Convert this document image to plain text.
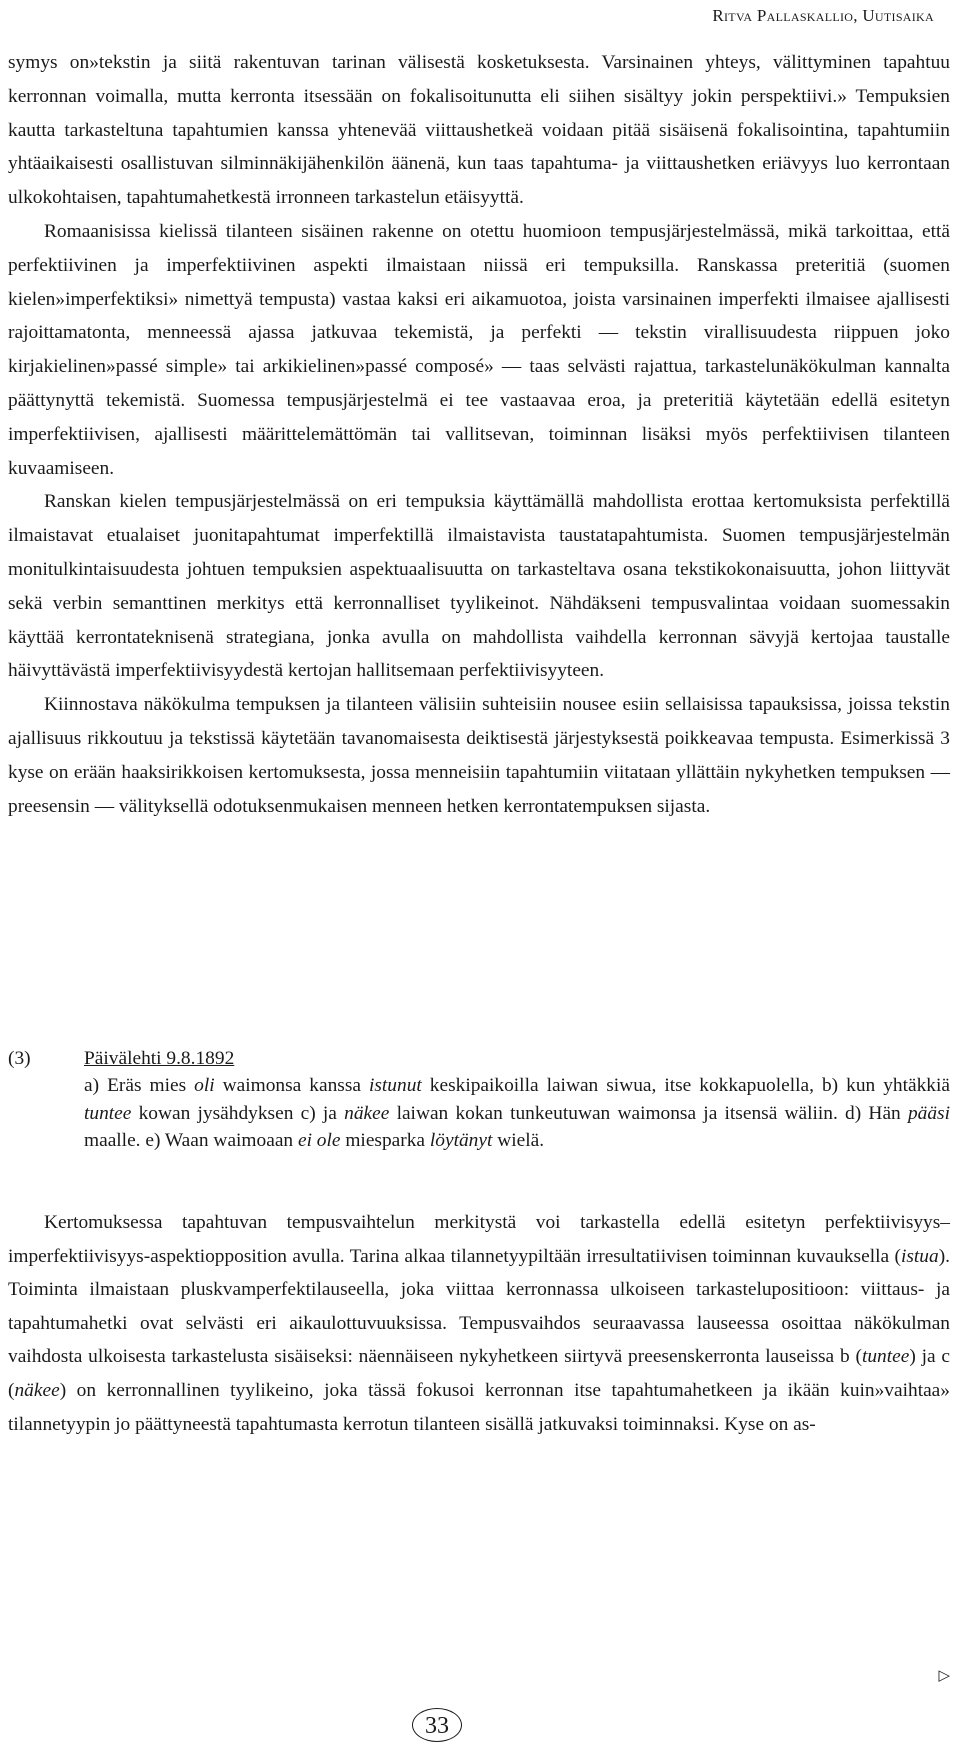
Ritva Pallaskallio, Uutisaika

symys on»tekstin ja siitä rakentuvan tarinan välisestä kosketuksesta. Varsinainen yhteys, välittyminen tapahtuu kerronnan voimalla, mutta kerronta itsessään on fokalisoitunutta eli siihen sisältyy jokin perspektiivi.» Tempuksien kautta tarkasteltuna tapahtumien kanssa yhtenevää viittaushetkeä voidaan pitää sisäisenä fokalisointina, tapahtumiin yhtäaikaisesti osallistuvan silminnäkijähenkilön äänenä, kun taas tapahtuma- ja viittaushetken eriävyys luo kerrontaan ulkokohtaisen, tapahtumahetkestä irronneen tarkastelun etäisyyttä.

Romaanisissa kielissä tilanteen sisäinen rakenne on otettu huomioon tempusjärjestelmässä, mikä tarkoittaa, että perfektiivinen ja imperfektiivinen aspekti ilmaistaan niissä eri tempuksilla. Ranskassa preteritiä (suomen kielen»imperfektiksi» nimettyä tempusta) vastaa kaksi eri aikamuotoa, joista varsinainen imperfekti ilmaisee ajallisesti rajoittamatonta, menneessä ajassa jatkuvaa tekemistä, ja perfekti — tekstin virallisuudesta riippuen joko kirjakielinen»passé simple» tai arkikielinen»passé composé» — taas selvästi rajattua, tarkastelunäkökulman kannalta päättynyttä tekemistä. Suomessa tempusjärjestelmä ei tee vastaavaa eroa, ja preteritiä käytetään edellä esitetyn imperfektiivisen, ajallisesti määrittelemättömän tai vallitsevan, toiminnan lisäksi myös perfektiivisen tilanteen kuvaamiseen.

Ranskan kielen tempusjärjestelmässä on eri tempuksia käyttämällä mahdollista erottaa kertomuksista perfektillä ilmaistavat etualaiset juonitapahtumat imperfektillä ilmaistavista taustatapahtumista. Suomen tempusjärjestelmän monitulkintaisuudesta johtuen tempuksien aspektuaalisuutta on tarkasteltava osana tekstikokonaisuutta, johon liittyvät sekä verbin semanttinen merkitys että kerronnalliset tyylikeinot. Nähdäkseni tempusvalintaa voidaan suomessakin käyttää kerrontateknisenä strategiana, jonka avulla on mahdollista vaihdella kerronnan sävyjä kertojaa taustalle häivyttävästä imperfektiivisyydestä kertojan hallitsemaan perfektiivisyyteen.

Kiinnostava näkökulma tempuksen ja tilanteen välisiin suhteisiin nousee esiin sellaisissa tapauksissa, joissa tekstin ajallisuus rikkoutuu ja tekstissä käytetään tavanomaisesta deiktisestä järjestyksestä poikkeavaa tempusta. Esimerkissä 3 kyse on erään haaksirikkoisen kertomuksesta, jossa menneisiin tapahtumiin viitataan yllättäin nykyhetken tempuksen — preesensin — välityksellä odotuksenmukaisen menneen hetken kerrontatempuksen sijasta.

(3)	Päivälehti 9.8.1892
a) Eräs mies oli waimonsa kanssa istunut keskipaikoilla laiwan siwua, itse kokkapuolella, b) kun yhtäkkiä tuntee kowan jysähdyksen c) ja näkee laiwan kokan tunkeutuwan waimonsa ja itsensä wäliin. d) Hän pääsi maalle. e) Waan waimoaan ei ole miesparka löytänyt wielä.

Kertomuksessa tapahtuvan tempusvaihtelun merkitystä voi tarkastella edellä esitetyn perfektiivisyys–imperfektiivisyys-aspektiopposition avulla. Tarina alkaa tilannetyypiltään irresultatiivisen toiminnan kuvauksella (istua). Toiminta ilmaistaan pluskvamperfektilauseella, joka viittaa kerronnassa ulkoiseen tarkastelupositioon: viittaus- ja tapahtumahetki ovat selvästi eri aikaulottuvuuksissa. Tempusvaihdos seuraavassa lauseessa osoittaa näkökulman vaihdosta ulkoisesta tarkastelusta sisäiseksi: näennäiseen nykyhetkeen siirtyvä preesenskerronta lauseissa b (tuntee) ja c (näkee) on kerronnallinen tyylikeino, joka tässä fokusoi kerronnan itse tapahtumahetkeen ja ikään kuin»vaihtaa» tilannetyypin jo päättyneestä tapahtumasta kerrotun tilanteen sisällä jatkuvaksi toiminnaksi. Kyse on as-

▷
33
